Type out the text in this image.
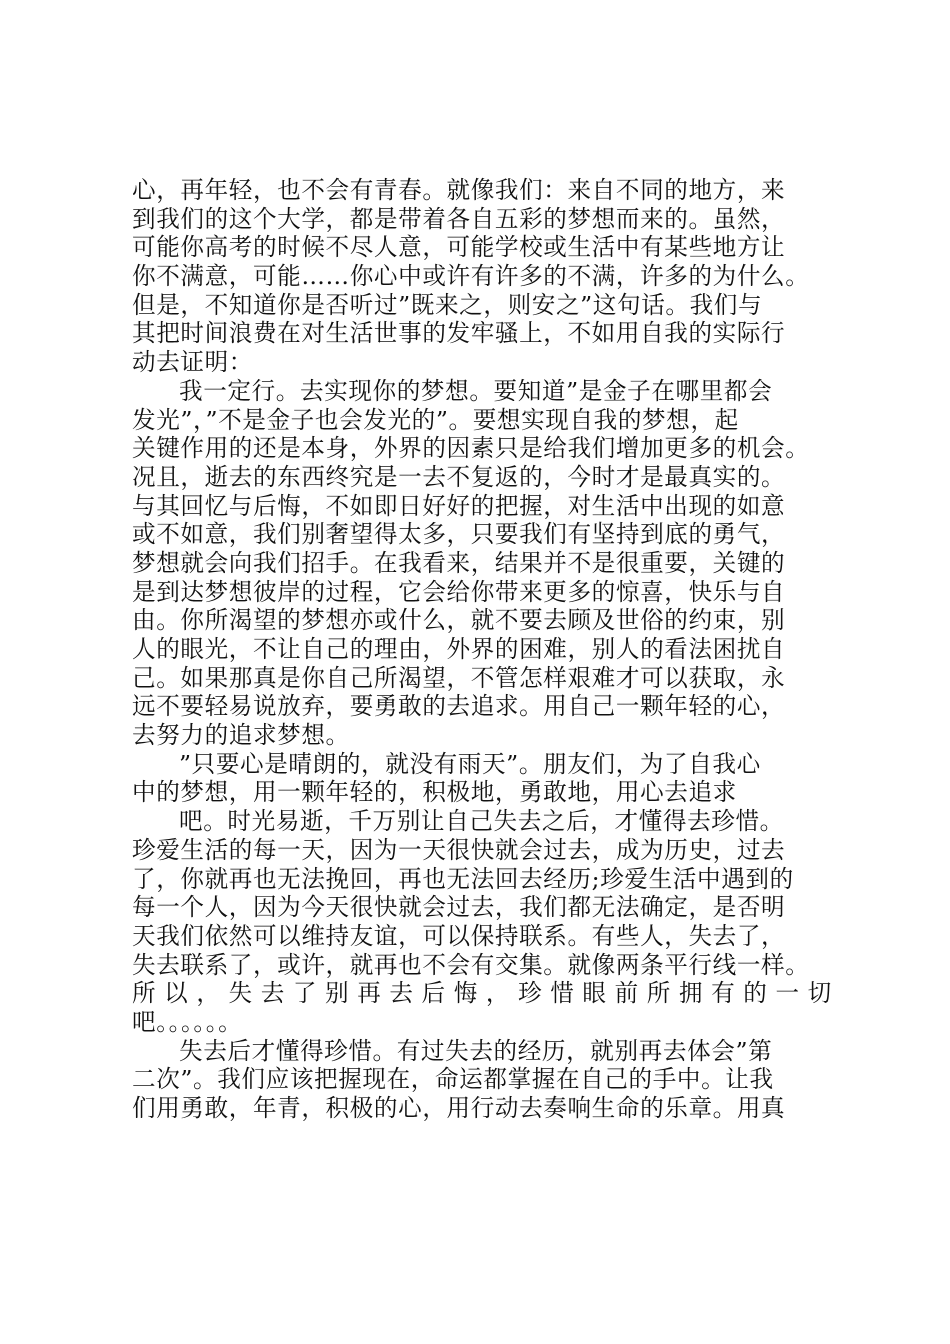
心，再年轻，也不会有青春。就像我们：来自不同的地方，来
到我们的这个大学，都是带着各自五彩的梦想而来的。虽然，
可能你高考的时候不尽人意，可能学校或生活中有某些地方让
你不满意，可能……你心中或许有许多的不满，许多的为什么。
但是，不知道你是否听过”既来之，则安之”这句话。我们与
其把时间浪费在对生活世事的发牢骚上，不如用自我的实际行
动去证明：
我一定行。去实现你的梦想。要知道”是金子在哪里都会
发光”，”不是金子也会发光的”。要想实现自我的梦想，起
关键作用的还是本身，外界的因素只是给我们增加更多的机会。
况且，逝去的东西终究是一去不复返的，今时才是最真实的。
与其回忆与后悔，不如即日好好的把握，对生活中出现的如意
或不如意，我们别奢望得太多，只要我们有坚持到底的勇气，
梦想就会向我们招手。在我看来，结果并不是很重要，关键的
是到达梦想彼岸的过程，它会给你带来更多的惊喜，快乐与自
由。你所渴望的梦想亦或什么，就不要去顾及世俗的约束，别
人的眼光，不让自己的理由，外界的困难，别人的看法困扰自
己。如果那真是你自己所渴望，不管怎样艰难才可以获取，永
远不要轻易说放弃，要勇敢的去追求。用自己一颗年轻的心，
去努力的追求梦想。
”只要心是晴朗的，就没有雨天”。朋友们，为了自我心
中的梦想，用一颗年轻的，积极地，勇敢地，用心去追求
吧。时光易逝，千万别让自己失去之后，才懂得去珍惜。
珍爱生活的每一天，因为一天很快就会过去，成为历史，过去
了，你就再也无法挽回，再也无法回去经历;珍爱生活中遇到的
每一个人，因为今天很快就会过去，我们都无法确定，是否明
天我们依然可以维持友谊，可以保持联系。有些人，失去了，
失去联系了，或许，就再也不会有交集。就像两条平行线一样。
所 以 ， 失 去 了 别 再 去 后 悔 ， 珍 惜 眼 前 所 拥 有 的 一 切
吧。。。。。。
失去后才懂得珍惜。有过失去的经历，就别再去体会”第
二次”。我们应该把握现在，命运都掌握在自己的手中。让我
们用勇敢，年青，积极的心，用行动去奏响生命的乐章。用真
